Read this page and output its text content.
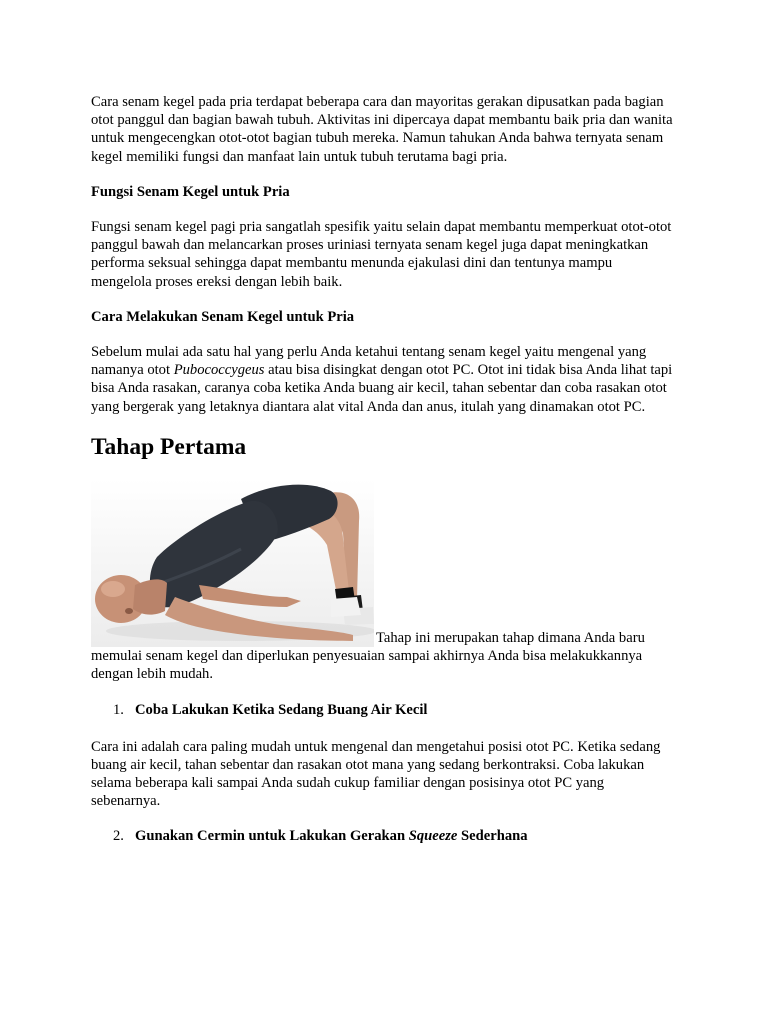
Cara senam kegel pada pria terdapat beberapa cara dan mayoritas gerakan dipusatkan pada bagian otot panggul dan bagian bawah tubuh. Aktivitas ini dipercaya dapat membantu baik pria dan wanita untuk mengecengkan otot-otot bagian tubuh mereka. Namun tahukan Anda bahwa ternyata senam kegel memiliki fungsi dan manfaat lain untuk tubuh terutama bagi pria.

Fungsi Senam Kegel untuk Pria

Fungsi senam kegel pagi pria sangatlah spesifik yaitu selain dapat membantu memperkuat otot-otot panggul bawah dan melancarkan proses uriniasi ternyata senam kegel juga dapat meningkatkan performa seksual sehingga dapat membantu menunda ejakulasi dini dan tentunya mampu mengelola proses ereksi dengan lebih baik.

Cara Melakukan Senam Kegel untuk Pria

Sebelum mulai ada satu hal yang perlu Anda ketahui tentang senam kegel yaitu mengenal yang namanya otot Pubococcygeus atau bisa disingkat dengan otot PC. Otot ini tidak bisa Anda lihat tapi bisa Anda rasakan, caranya coba ketika Anda buang air kecil, tahan sebentar dan coba rasakan otot yang bergerak yang letaknya diantara alat vital Anda dan anus, itulah yang dinamakan otot PC.

Tahap Pertama

Tahap ini merupakan tahap dimana Anda baru memulai senam kegel dan diperlukan penyesuaian sampai akhirnya Anda bisa melakukkannya dengan lebih mudah.

1. Coba Lakukan Ketika Sedang Buang Air Kecil

Cara ini adalah cara paling mudah untuk mengenal dan mengetahui posisi otot PC. Ketika sedang buang air kecil, tahan sebentar dan rasakan otot mana yang sedang berkontraksi. Coba lakukan selama beberapa kali sampai Anda sudah cukup familiar dengan posisinya otot PC yang sebenarnya.

2. Gunakan Cermin untuk Lakukan Gerakan Squeeze Sederhana
